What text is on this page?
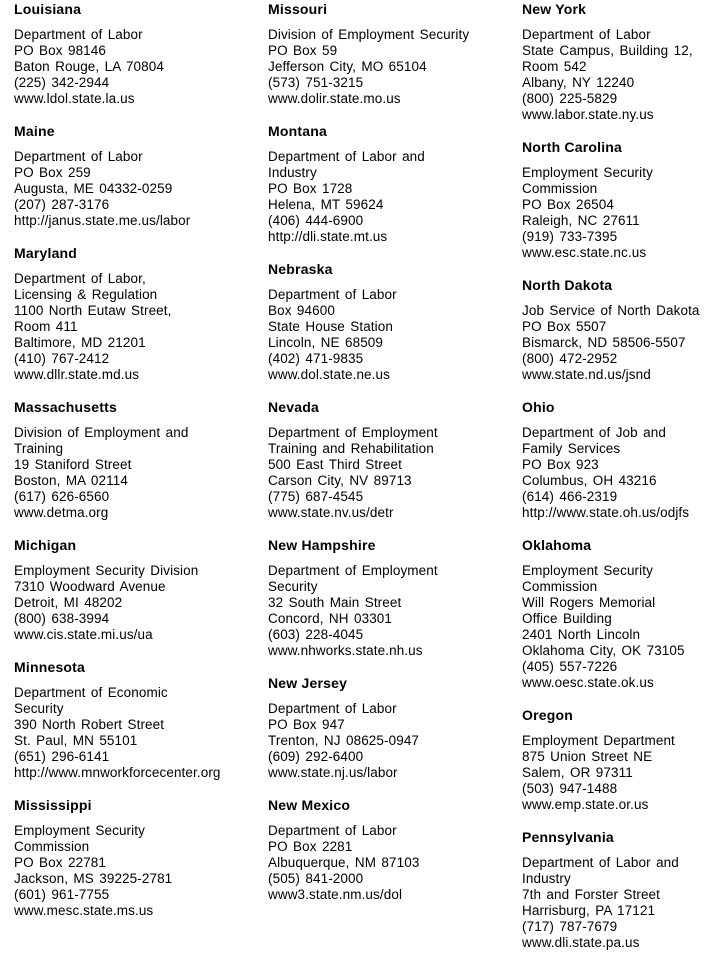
Louisiana
Department of Labor
PO Box 98146
Baton Rouge, LA 70804
(225) 342-2944
www.ldol.state.la.us
Maine
Department of Labor
PO Box 259
Augusta, ME 04332-0259
(207) 287-3176
http://janus.state.me.us/labor
Maryland
Department of Labor,
Licensing & Regulation
1100 North Eutaw Street,
Room 411
Baltimore, MD 21201
(410) 767-2412
www.dllr.state.md.us
Massachusetts
Division of Employment and
Training
19 Staniford Street
Boston, MA 02114
(617) 626-6560
www.detma.org
Michigan
Employment Security Division
7310 Woodward Avenue
Detroit, MI 48202
(800) 638-3994
www.cis.state.mi.us/ua
Minnesota
Department of Economic
Security
390 North Robert Street
St. Paul, MN 55101
(651) 296-6141
http://www.mnworkforcecenter.org
Mississippi
Employment Security
Commission
PO Box 22781
Jackson, MS 39225-2781
(601) 961-7755
www.mesc.state.ms.us
Missouri
Division of Employment Security
PO Box 59
Jefferson City, MO 65104
(573) 751-3215
www.dolir.state.mo.us
Montana
Department of Labor and
Industry
PO Box 1728
Helena, MT 59624
(406) 444-6900
http://dli.state.mt.us
Nebraska
Department of Labor
Box 94600
State House Station
Lincoln, NE 68509
(402) 471-9835
www.dol.state.ne.us
Nevada
Department of Employment
Training and Rehabilitation
500 East Third Street
Carson City, NV 89713
(775) 687-4545
www.state.nv.us/detr
New Hampshire
Department of Employment
Security
32 South Main Street
Concord, NH 03301
(603) 228-4045
www.nhworks.state.nh.us
New Jersey
Department of Labor
PO Box 947
Trenton, NJ 08625-0947
(609) 292-6400
www.state.nj.us/labor
New Mexico
Department of Labor
PO Box 2281
Albuquerque, NM 87103
(505) 841-2000
www3.state.nm.us/dol
New York
Department of Labor
State Campus, Building 12,
Room 542
Albany, NY 12240
(800) 225-5829
www.labor.state.ny.us
North Carolina
Employment Security
Commission
PO Box 26504
Raleigh, NC 27611
(919) 733-7395
www.esc.state.nc.us
North Dakota
Job Service of North Dakota
PO Box 5507
Bismarck, ND 58506-5507
(800) 472-2952
www.state.nd.us/jsnd
Ohio
Department of Job and
Family Services
PO Box 923
Columbus, OH 43216
(614) 466-2319
http://www.state.oh.us/odjfs
Oklahoma
Employment Security
Commission
Will Rogers Memorial
Office Building
2401 North Lincoln
Oklahoma City, OK 73105
(405) 557-7226
www.oesc.state.ok.us
Oregon
Employment Department
875 Union Street NE
Salem, OR 97311
(503) 947-1488
www.emp.state.or.us
Pennsylvania
Department of Labor and
Industry
7th and Forster Street
Harrisburg, PA 17121
(717) 787-7679
www.dli.state.pa.us
